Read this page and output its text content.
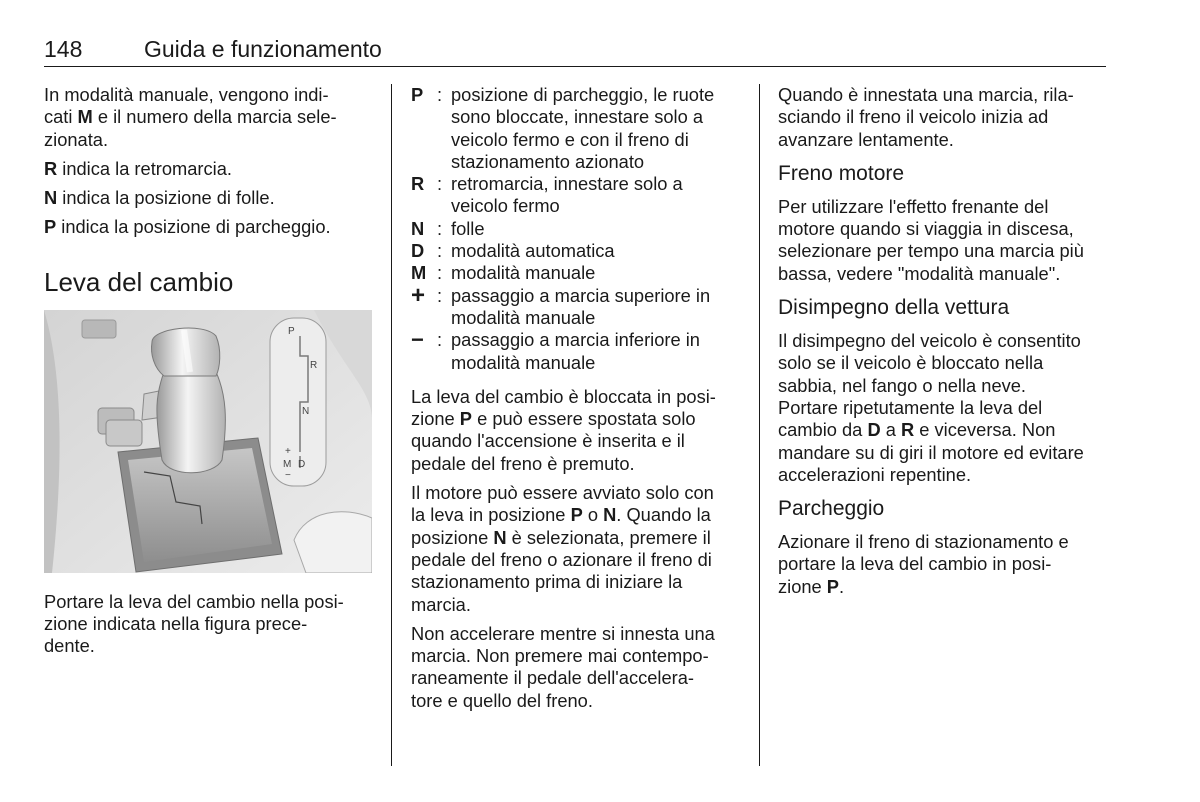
148	Guida e funzionamento

In modalità manuale, vengono indi-
cati M e il numero della marcia sele-
zionata.

R indica la retromarcia.

N indica la posizione di folle.

P indica la posizione di parcheggio.

Leva del cambio
P
R
N
+
M D
−

Portare la leva del cambio nella posi-
zione indicata nella figura prece-
dente.

P : posizione di parcheggio, le ruote
sono bloccate, innestare solo a
veicolo fermo e con il freno di
stazionamento azionato
R : retromarcia, innestare solo a
veicolo fermo
N : folle
D : modalità automatica
M : modalità manuale
+ : passaggio a marcia superiore in
modalità manuale
− : passaggio a marcia inferiore in
modalità manuale

La leva del cambio è bloccata in posi-
zione P e può essere spostata solo
quando l'accensione è inserita e il
pedale del freno è premuto.

Il motore può essere avviato solo con
la leva in posizione P o N. Quando la
posizione N è selezionata, premere il
pedale del freno o azionare il freno di
stazionamento prima di iniziare la
marcia.

Non accelerare mentre si innesta una
marcia. Non premere mai contempo-
raneamente il pedale dell'accelera-
tore e quello del freno.

Quando è innestata una marcia, rila-
sciando il freno il veicolo inizia ad
avanzare lentamente.

Freno motore

Per utilizzare l'effetto frenante del
motore quando si viaggia in discesa,
selezionare per tempo una marcia più
bassa, vedere "modalità manuale".

Disimpegno della vettura

Il disimpegno del veicolo è consentito
solo se il veicolo è bloccato nella
sabbia, nel fango o nella neve.
Portare ripetutamente la leva del
cambio da D a R e viceversa. Non
mandare su di giri il motore ed evitare
accelerazioni repentine.

Parcheggio

Azionare il freno di stazionamento e
portare la leva del cambio in posi-
zione P.
